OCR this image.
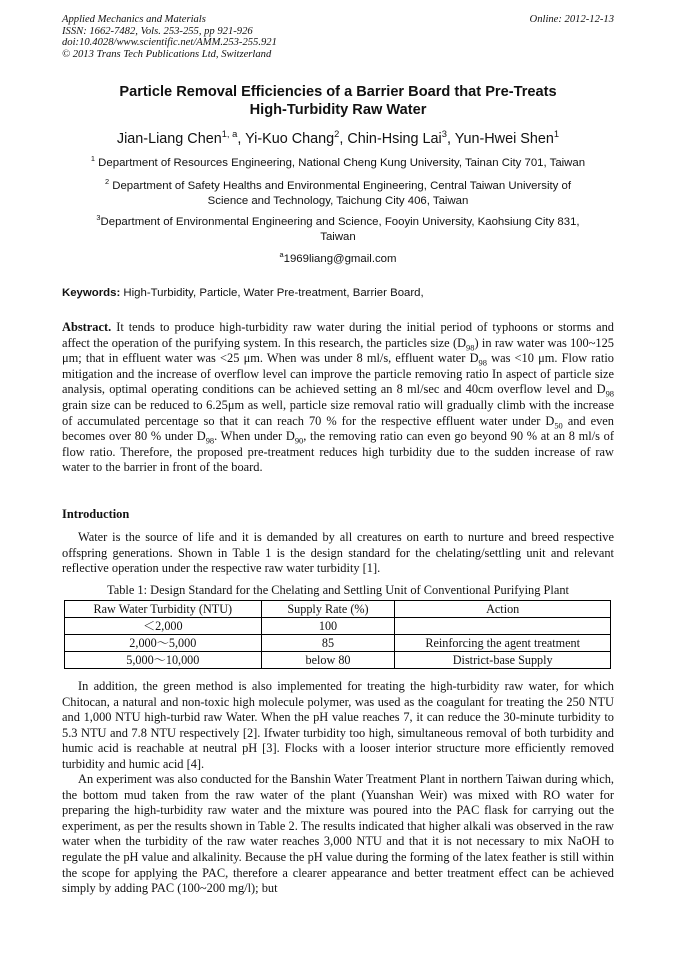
Applied Mechanics and Materials
ISSN: 1662-7482, Vols. 253-255, pp 921-926
doi:10.4028/www.scientific.net/AMM.253-255.921
© 2013 Trans Tech Publications Ltd, Switzerland
Online: 2012-12-13
Particle Removal Efficiencies of a Barrier Board that Pre-Treats
High-Turbidity Raw Water
Jian-Liang Chen$^{1, a}$, Yi-Kuo Chang$^2$, Chin-Hsing Lai$^3$, Yun-Hwei Shen$^1$
$^1$ Department of Resources Engineering, National Cheng Kung University, Tainan City 701, Taiwan
$^2$ Department of Safety Healths and Environmental Engineering, Central Taiwan University of
Science and Technology, Taichung City 406, Taiwan
$^3$Department of Environmental Engineering and Science, Fooyin University, Kaohsiung City 831,
Taiwan
$^a$1969liang@gmail.com
Keywords: High-Turbidity, Particle, Water Pre-treatment, Barrier Board,
Abstract. It tends to produce high-turbidity raw water during the initial period of typhoons or storms and affect the operation of the purifying system. In this research, the particles size $(D_{98})$ in raw water was 100~125 μm; that in effluent water was <25 μm. When was under 8 ml/s, effluent water $D_{98}$ was <10 μm. Flow ratio mitigation and the increase of overflow level can improve the particle removing ratio In aspect of particle size analysis, optimal operating conditions can be achieved setting an 8 ml/sec and 40cm overflow level and $D_{98}$ grain size can be reduced to 6.25μm as well, particle size removal ratio will gradually climb with the increase of accumulated percentage so that it can reach 70 % for the respective effluent water under $D_{50}$ and even becomes over 80 % under $D_{98}$. When under $D_{90}$, the removing ratio can even go beyond 90 % at an 8 ml/s of flow ratio. Therefore, the proposed pre-treatment reduces high turbidity due to the sudden increase of raw water to the barrier in front of the board.
Introduction
Water is the source of life and it is demanded by all creatures on earth to nurture and breed respective offspring generations. Shown in Table 1 is the design standard for the chelating/settling unit and relevant reflective operation under the respective raw water turbidity [1].
Table 1: Design Standard for the Chelating and Settling Unit of Conventional Purifying Plant
Raw Water Turbidity (NTU)	Supply Rate (%)	Action
＜2,000	100	
2,000～5,000	85	Reinforcing the agent treatment
5,000～10,000	below 80	District-base Supply
In addition, the green method is also implemented for treating the high-turbidity raw water, for which Chitocan, a natural and non-toxic high molecule polymer, was used as the coagulant for treating the 250 NTU and 1,000 NTU high-turbid raw Water. When the pH value reaches 7, it can reduce the 30-minute turbidity to 5.3 NTU and 7.8 NTU respectively [2]. Ifwater turbidity too high, simultaneous removal of both turbidity and humic acid is reachable at neutral pH [3]. Flocks with a looser interior structure more efficiently removed turbidity and humic acid [4].
An experiment was also conducted for the Banshin Water Treatment Plant in northern Taiwan during which, the bottom mud taken from the raw water of the plant (Yuanshan Weir) was mixed with RO water for preparing the high-turbidity raw water and the mixture was poured into the PAC flask for carrying out the experiment, as per the results shown in Table 2. The results indicated that higher alkali was observed in the raw water when the turbidity of the raw water reaches 3,000 NTU and that it is not necessary to mix NaOH to regulate the pH value and alkalinity. Because the pH value during the forming of the latex feather is still within the scope for applying the PAC, therefore a clearer appearance and better treatment effect can be achieved simply by adding PAC (100~200 mg/l); but
